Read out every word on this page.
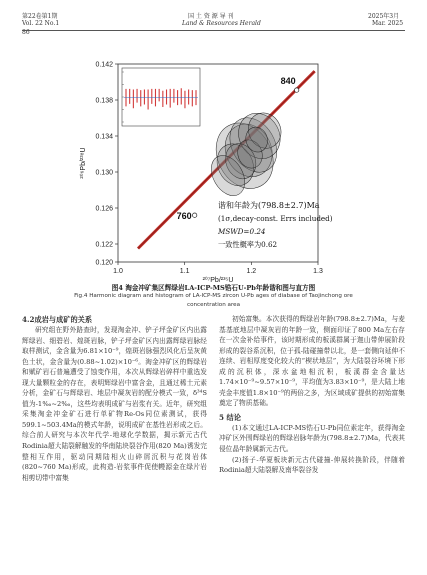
第22卷第1期
Vol. 22 No.1
国 土 资 源 导 刊
Land & Resources Herald
2025年3月
Mar. 2025
86
760
840
1.0	1.1	1.2	1.3
0.120
0.122
0.126
0.130
0.134
0.138
0.142
²⁰⁷Pb/²³⁵U
²⁰⁶Pb/²³⁸U
谐和年龄为(798.8±2.7)Ma
(1σ,decay-const. Errs included)
MSWD=0.24
一致性概率为0.62
图4 淘金冲矿集区辉绿岩LA-ICP-MS锆石U-Pb年龄谐和图与直方图
Fig.4 Harmonic diagram and histogram of LA-ICP-MS zircon U-Pb ages of diabase of Taojinchong ore
concentration area

4.2成岩与成矿的关系

研究组在野外路查时，发现淘金冲、铲子坪金矿区内出露辉绿岩、细碧岩、煌斑岩脉，铲子坪金矿区内出露辉绿岩脉经取样测试，金含量为6.81×10⁻⁹，煌斑岩脉强烈风化后呈灰黄色土状，金含量为(0.88~1.02)×10⁻⁶。淘金冲矿区的辉绿岩和赋矿岩石普遍遭受了蚀变作用，本次从辉绿岩碎样中重选发现大量颗粒金的存在，表明辉绿岩中富含金，且通过稀土元素分析，金矿石与辉绿岩、地层中凝灰岩的配分模式一致，δ³⁴S值为-1‰~2‰，这些均表明成矿与岩浆有关。近年，研究组采集淘金冲金矿石进行单矿物Re-Os同位素测试，获得599.1~503.4Ma的模式年龄，说明成矿在基性岩形成之后。综合前人研究与本次年代学-地球化学数据，揭示新元古代Rodinia超大陆裂解触发的华南陆块裂谷作用(820 Ma)诱发完整相互作用，驱动同期陆相火山碎屑沉积与花岗岩体(820~760 Ma)形成，此构造-岩浆事件促使幔源金在绿片岩相剪切带中富集

初始富集。本次获得的辉绿岩年龄(798.8±2.7)Ma，与麦基基底地层中凝灰岩的年龄一致，侧面印证了800 Ma左右存在一次金补给事件，该时期形成的板溪群属于迦山带伸展阶段形成的裂谷系沉积，位于孤-陆碰撞带以北，是一套侧向延伸不连续、岩相厚度变化较大的“楔状地层”，为大陆裂谷环境下形成的沉积体，深水盆地相沉积，板溪群金含量达1.74×10⁻⁹~9.57×10⁻⁹，平均值为3.83×10⁻⁹，是大陆上地壳金丰度值1.8×10⁻⁹的两倍之多，为区域成矿提供的初始富集奠定了物质基础。

5 结论

(1)本文通过LA-ICP-MS锆石U-Pb同位素定年，获得淘金冲矿区外围辉绿岩的辉绿岩脉年龄为(798.8±2.7)Ma，代表其侵位晶年龄属新元古代。

(2)扬子-华夏板块新元古代碰撞-伸展转换阶段，伴随着Rodinia超大陆裂解及南华裂谷发
